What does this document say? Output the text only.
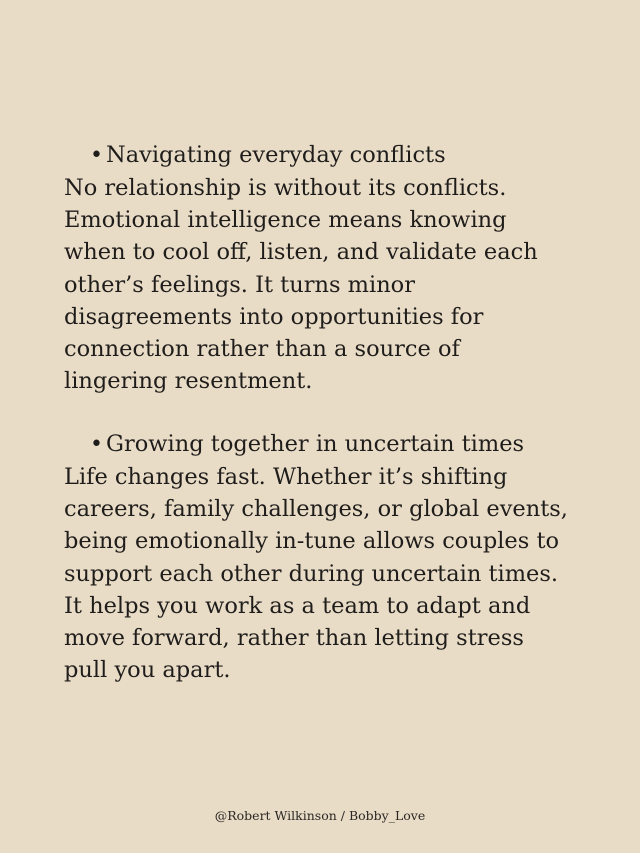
• Navigating everyday conflicts
No relationship is without its conflicts.
Emotional intelligence means knowing
when to cool off, listen, and validate each
other’s feelings. It turns minor
disagreements into opportunities for
connection rather than a source of
lingering resentment.
• Growing together in uncertain times
Life changes fast. Whether it’s shifting
careers, family challenges, or global events,
being emotionally in-tune allows couples to
support each other during uncertain times.
It helps you work as a team to adapt and
move forward, rather than letting stress
pull you apart.
@Robert Wilkinson / Bobby_Love
